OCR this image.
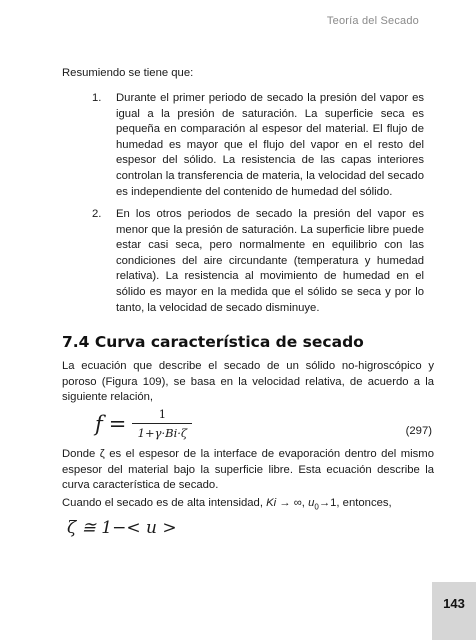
Teoría del Secado
Resumiendo se tiene que:
1.	Durante el primer periodo de secado la presión del vapor es igual a la presión de saturación. La superficie seca es pequeña en comparación al espesor del material. El flujo de humedad es mayor que el flujo del vapor en el resto del espesor del sólido. La resistencia de las capas interiores controlan la transferencia de materia, la velocidad del secado es independiente del contenido de humedad del sólido.
2.	En los otros periodos de secado la presión del vapor es menor que la presión de saturación. La superficie libre puede estar casi seca, pero normalmente en equilibrio con las condiciones del aire circundante (temperatura y humedad relativa). La resistencia al movimiento de humedad en el sólido es mayor en la medida que el sólido se seca y por lo tanto, la velocidad de secado disminuye.
7.4 Curva característica de secado
La ecuación que describe el secado de un sólido no-higroscópico y poroso (Figura 109), se basa en la velocidad relativa, de acuerdo a la siguiente relación,
$f = \frac{1}{1+\gamma\cdot Bi\cdot\zeta}$	(297)
Donde ζ es el espesor de la interface de evaporación dentro del mismo espesor del material bajo la superficie libre. Esta ecuación describe la curva característica de secado.
Cuando el secado es de alta intensidad, Ki → ∞, $u_0\to 1$, entonces,
ζ ≅ 1−< u >
143
